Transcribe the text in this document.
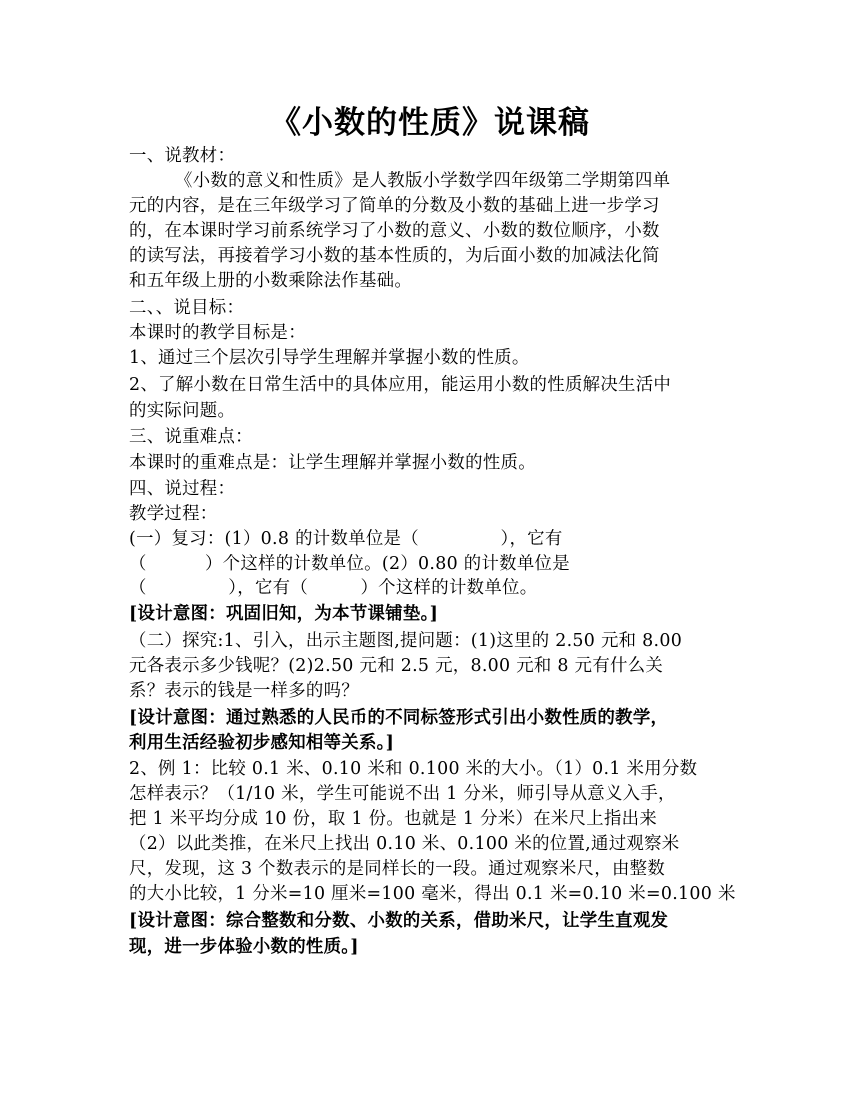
《小数的性质》说课稿
一、说教材：
《小数的意义和性质》是人教版小学数学四年级第二学期第四单
元的内容，是在三年级学习了简单的分数及小数的基础上进一步学习
的，在本课时学习前系统学习了小数的意义、小数的数位顺序，小数
的读写法，再接着学习小数的基本性质的，为后面小数的加减法化简
和五年级上册的小数乘除法作基础。
二、、说目标：
本课时的教学目标是：
1、通过三个层次引导学生理解并掌握小数的性质。
2、了解小数在日常生活中的具体应用，能运用小数的性质解决生活中
的实际问题。
三、说重难点：
本课时的重难点是：让学生理解并掌握小数的性质。
四、说过程：
教学过程：
(一）复习：(1）0.8 的计数单位是（              ），它有
（          ）个这样的计数单位。(2）0.80 的计数单位是
（              ），它有（         ）个这样的计数单位。
[设计意图：巩固旧知，为本节课铺垫。]
（二）探究:1、引入，出示主题图,提问题：(1)这里的 2.50 元和 8.00
元各表示多少钱呢？(2)2.50 元和 2.5 元，8.00 元和 8 元有什么关
系？表示的钱是一样多的吗？
[设计意图：通过熟悉的人民币的不同标签形式引出小数性质的教学，
利用生活经验初步感知相等关系。]
2、例 1：比较 0.1 米、0.10 米和 0.100 米的大小。（1）0.1 米用分数
怎样表示？（1/10 米，学生可能说不出 1 分米，师引导从意义入手，
把 1 米平均分成 10 份，取 1 份。也就是 1 分米）在米尺上指出来
（2）以此类推，在米尺上找出 0.10 米、0.100 米的位置,通过观察米
尺，发现，这 3 个数表示的是同样长的一段。通过观察米尺，由整数
的大小比较，1 分米=10 厘米=100 毫米，得出 0.1 米=0.10 米=0.100 米
[设计意图：综合整数和分数、小数的关系，借助米尺，让学生直观发
现，进一步体验小数的性质。]
